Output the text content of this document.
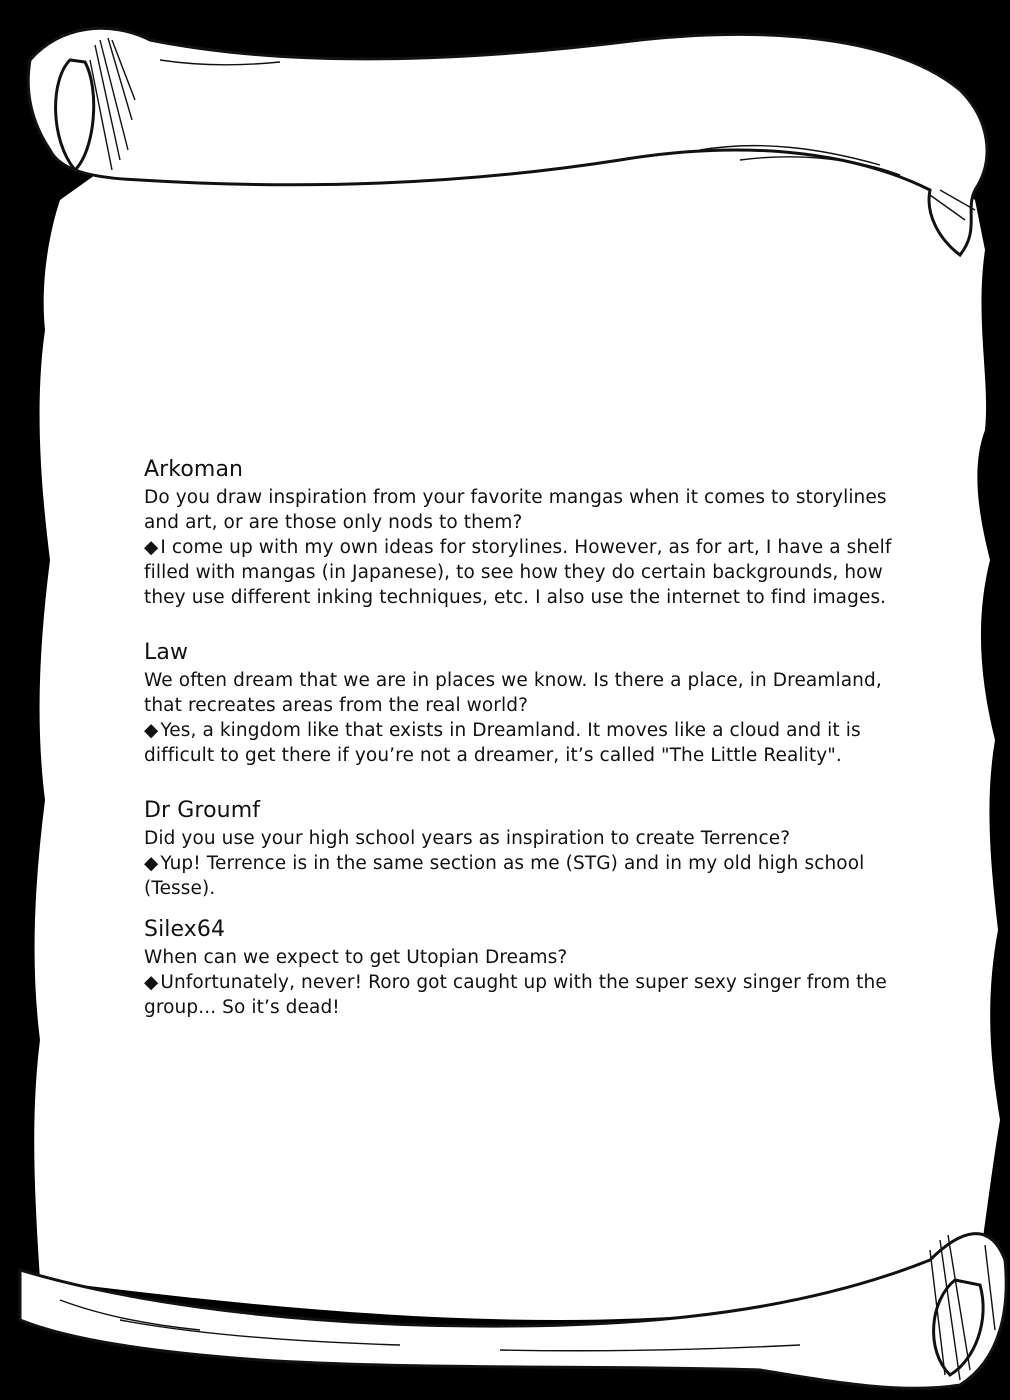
Arkoman

Do you draw inspiration from your favorite mangas when it comes to storylines and art, or are those only nods to them?

◆ I come up with my own ideas for storylines. However, as for art, I have a shelf filled with mangas (in Japanese), to see how they do certain backgrounds, how they use different inking techniques, etc. I also use the internet to find images.

Law

We often dream that we are in places we know. Is there a place, in Dreamland, that recreates areas from the real world?

◆ Yes, a kingdom like that exists in Dreamland. It moves like a cloud and it is difficult to get there if you’re not a dreamer, it’s called "The Little Reality".

Dr Groumf

Did you use your high school years as inspiration to create Terrence?

◆ Yup! Terrence is in the same section as me (STG) and in my old high school (Tesse).

Silex64

When can we expect to get Utopian Dreams?

◆ Unfortunately, never! Roro got caught up with the super sexy singer from the group... So it’s dead!
